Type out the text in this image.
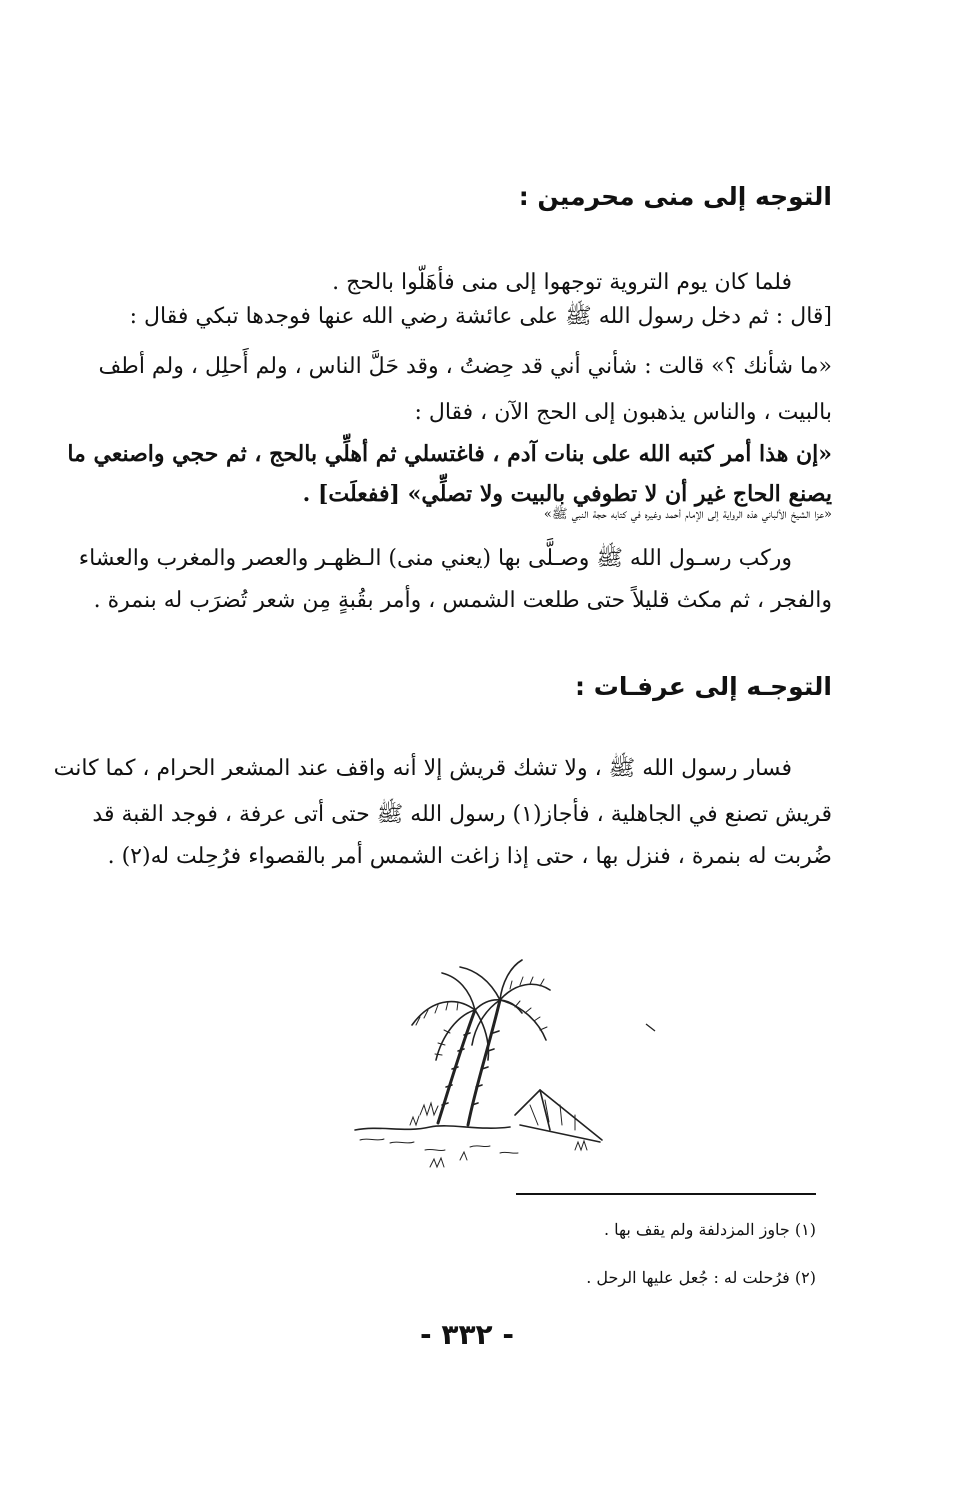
التوجه إلى منى محرمين :
فلما كان يوم التروية توجهوا إلى منى فأهَلّوا بالحج .
[قال : ثم دخل رسول الله ﷺ على عائشة رضي الله عنها فوجدها تبكي فقال :
«ما شأنك ؟» قالت : شأني أني قد حِضتُ ، وقد حَلَّ الناس ، ولم أَحلِل ، ولم أطف
بالبيت ، والناس يذهبون إلى الحج الآن ، فقال :
«إن هذا أمر كتبه الله على بنات آدم ، فاغتسلي ثم أهلِّي بالحج ، ثم حجي واصنعي ما
يصنع الحاج غير أن لا تطوفي بالبيت ولا تصلِّي» [ففعلَت] .
«عزا الشيخ الألباني هذه الرواية إلى الإمام أحمد وغيره في كتابه حجة النبي ﷺ»
وركب رسـول الله ﷺ وصـلَّى بها (يعني منى) الـظهـر والعصر والمغرب والعشاء
والفجر ، ثم مكث قليلاً حتى طلعت الشمس ، وأمر بقُبةٍ مِن شعر تُضرَب له بنمرة .
التوجـه إلى عرفـات :
فسار رسول الله ﷺ ، ولا تشك قريش إلا أنه واقف عند المشعر الحرام ، كما كانت
قريش تصنع في الجاهلية ، فأجاز(١) رسول الله ﷺ حتى أتى عرفة ، فوجد القبة قد
ضُربت له بنمرة ، فنزل بها ، حتى إذا زاغت الشمس أمر بالقصواء فرُحِلت له(٢) .
(١) جاوز المزدلفة ولم يقف بها .
(٢) فرُحلت له : جُعل عليها الرحل .
- ٣٣٢ -
